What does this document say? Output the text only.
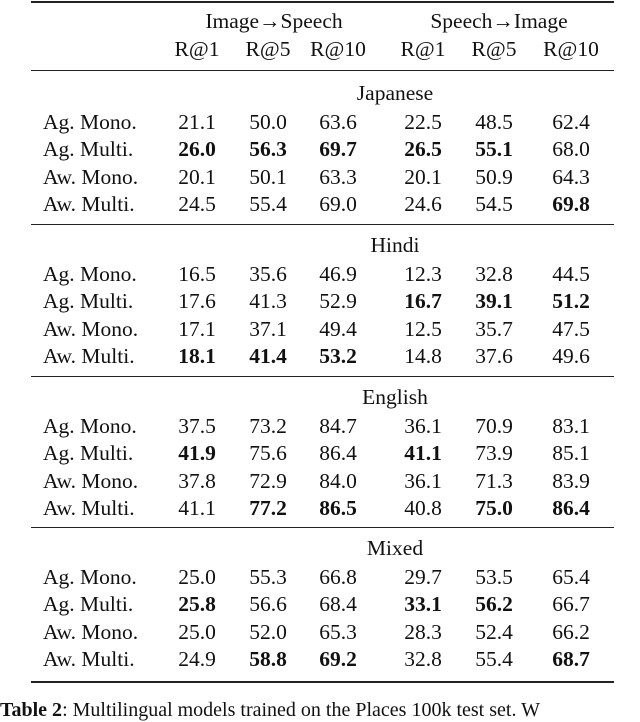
Image→Speech	Speech→Image
R@1 R@5 R@10 R@1 R@5 R@10
Japanese
Ag. Mono. 21.1 50.0 63.6 22.5 48.5 62.4
Ag. Multi. 26.0 56.3 69.7 26.5 55.1 68.0
Aw. Mono. 20.1 50.1 63.3 20.1 50.9 64.3
Aw. Multi. 24.5 55.4 69.0 24.6 54.5 69.8
Hindi
Ag. Mono. 16.5 35.6 46.9 12.3 32.8 44.5
Ag. Multi. 17.6 41.3 52.9 16.7 39.1 51.2
Aw. Mono. 17.1 37.1 49.4 12.5 35.7 47.5
Aw. Multi. 18.1 41.4 53.2 14.8 37.6 49.6
English
Ag. Mono. 37.5 73.2 84.7 36.1 70.9 83.1
Ag. Multi. 41.9 75.6 86.4 41.1 73.9 85.1
Aw. Mono. 37.8 72.9 84.0 36.1 71.3 83.9
Aw. Multi. 41.1 77.2 86.5 40.8 75.0 86.4
Mixed
Ag. Mono. 25.0 55.3 66.8 29.7 53.5 65.4
Ag. Multi. 25.8 56.6 68.4 33.1 56.2 66.7
Aw. Mono. 25.0 52.0 65.3 28.3 52.4 66.2
Aw. Multi. 24.9 58.8 69.2 32.8 55.4 68.7
Table 2: Multilingual models trained on the Places 100k test set. W
